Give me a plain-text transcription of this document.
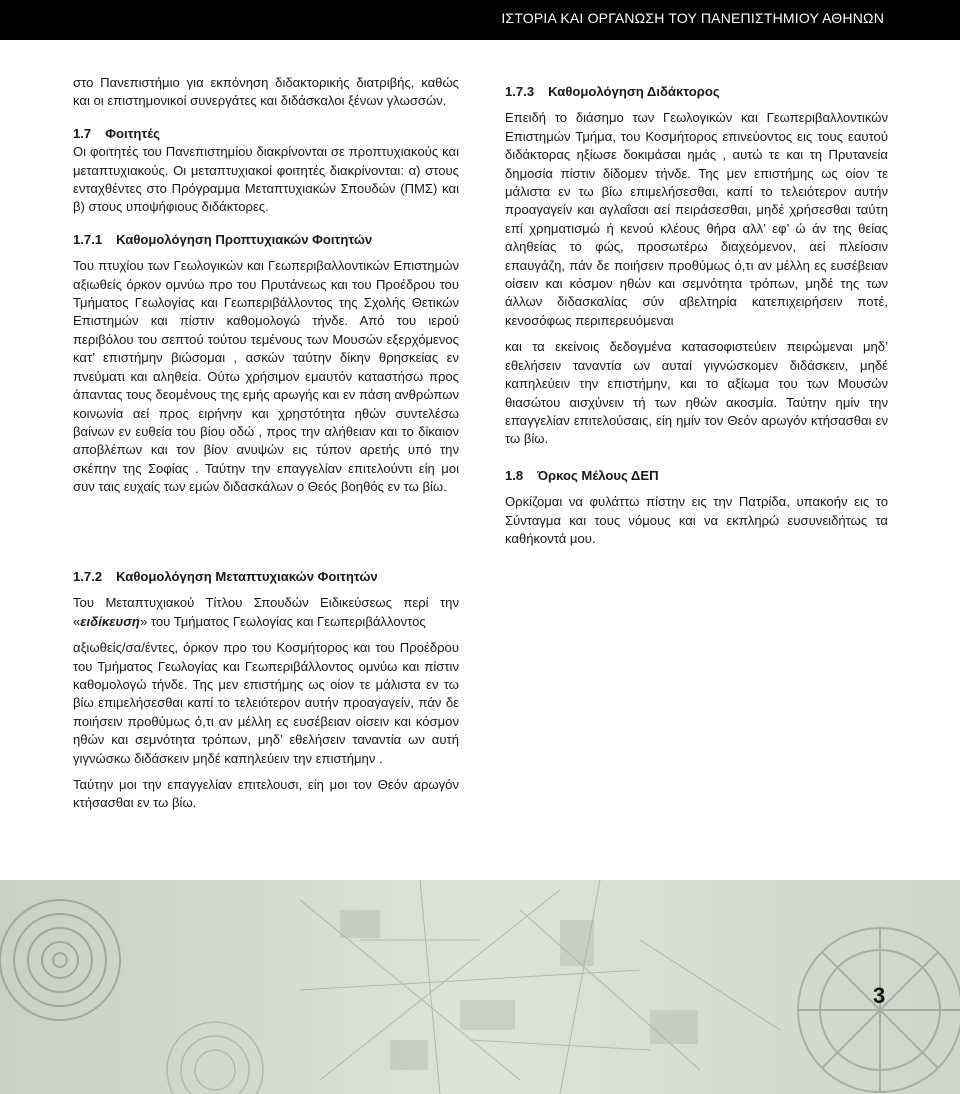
ΙΣΤΟΡΙΑ ΚΑΙ ΟΡΓΑΝΩΣΗ ΤΟΥ ΠΑΝΕΠΙΣΤΗΜΙΟΥ ΑΘΗΝΩΝ

στο Πανεπιστήμιο για εκπόνηση διδακτορικής διατριβής, καθώς και οι επιστημονικοί συνεργάτες και διδάσκαλοι ξένων γλωσσών.

1.7 Φοιτητές

Οι φοιτητές του Πανεπιστημίου διακρίνονται σε προπτυχιακούς και μεταπτυχιακούς. Οι μεταπτυχιακοί φοιτητές διακρίνονται: α) στους ενταχθέντες στο Πρόγραμμα Μεταπτυχιακών Σπουδών (ΠΜΣ) και β) στους υποψήφιους διδάκτορες.

1.7.1 Καθομολόγηση Προπτυχιακών Φοιτητών

Του πτυχίου των Γεωλογικών και Γεωπεριβαλλοντικών Επιστημών αξιωθείς όρκον ομνύω προ του Πρυτάνεως και του Προέδρου του Τμήματος Γεωλογίας και Γεωπεριβάλλοντος της Σχολής Θετικών Επιστημών και πίστιν καθομολογώ τήνδε. Από του ιερού περιβόλου του σεπτού τούτου τεμένους των Μουσών εξερχόμενος κατ’ επιστήμην βιώσομαι , ασκών ταύτην δίκην θρησκείας εν πνεύματι και αληθεία. Ούτω χρήσιμον εμαυτόν καταστήσω προς άπαντας τους δεομένους της εμής αρωγής και εν πάση ανθρώπων κοινωνία αεί προς ειρήνην και χρηστότητα ηθών συντελέσω βαίνων εν ευθεία του βίου οδώ , προς την αλήθειαν και το δίκαιον αποβλέπων και τον βίον ανυψών εις τύπον αρετής υπό την σκέπην της Σοφίας . Ταύτην την επαγγελίαν επιτελούντι είη μοι συν ταις ευχαίς των εμών διδασκάλων ο Θεός βοηθός εν τω βίω.

1.7.2 Καθομολόγηση Μεταπτυχιακών Φοιτητών

Του Μεταπτυχιακού Τίτλου Σπουδών Ειδικεύσεως περί την «ειδίκευση» του Τμήματος Γεωλογίας και Γεωπεριβάλλοντος

αξιωθείς/σα/έντες, όρκον προ του Κοσμήτορος και του Προέδρου του Τμήματος Γεωλογίας και Γεωπεριβάλλοντος ομνύω και πίστιν καθομολογώ τήνδε. Της μεν επιστήμης ως οίον τε μάλιστα εν τω βίω επιμελήσεσθαι καπί το τελειότερον αυτήν προαγαγείν, πάν δε ποιήσειν προθύμως ό,τι αν μέλλη ες ευσέβειαν οίσειν και κόσμον ηθών και σεμνότητα τρόπων, μηδ’ εθελήσειν ταναντία ων αυτή γιγνώσκω διδάσκειν μηδέ καπηλεύειν την επιστήμην .

Ταύτην μοι την επαγγελίαν επιτελουσι, είη μοι τον Θεόν αρωγόν κτήσασθαι εν τω βίω.

1.7.3 Καθομολόγηση Διδάκτορος

Επειδή το διάσημο των Γεωλογικών και Γεωπεριβαλλοντικών Επιστημών Τμήμα, του Κοσμήτορος επινεύοντος εις τους εαυτού διδάκτορας ηξίωσε δοκιμάσαι ημάς , αυτώ τε και τη Πρυτανεία δημοσία πίστιν δίδομεν τήνδε. Της μεν επιστήμης ως οίον τε μάλιστα εν τω βίω επιμελήσεσθαι, καπί το τελειότερον αυτήν προαγαγείν και αγλαΐσαι αεί πειράσεσθαι, μηδέ χρήσεσθαι ταύτη επί χρηματισμώ ή κενού κλέους θήρα αλλ’ εφ’ ώ άν της θείας αληθείας το φώς, προσωτέρω διαχεόμενον, αεί πλείοσιν επαυγάζη, πάν δε ποιήσειν προθύμως ό,τι αν μέλλη ες ευσέβειαν οίσειν και κόσμον ηθών και σεμνότητα τρόπων, μηδέ της των άλλων διδασκαλίας σύν αβελτηρία κατεπιχειρήσειν ποτέ, κενοσόφως περιπερευόμεναι

και τα εκείνοις δεδογμένα κατασοφιστεύειν πειρώμεναι μηδ’ εθελήσειν ταναντία ων αυταί γιγνώσκομεν διδάσκειν, μηδέ καπηλεύειν την επιστήμην, και το αξίωμα του των Μουσών θιασώτου αισχύνειν τή των ηθών ακοσμία. Ταύτην ημίν την επαγγελίαν επιτελούσαις, είη ημίν τον Θεόν αρωγόν κτήσασθαι εν τω βίω.

1.8 Όρκος Μέλους ΔΕΠ

Ορκίζομαι να φυλάττω πίστην εις την Πατρίδα, υπακοήν εις το Σύνταγμα και τους νόμους και να εκπληρώ ευσυνειδήτως τα καθήκοντά μου.

3
